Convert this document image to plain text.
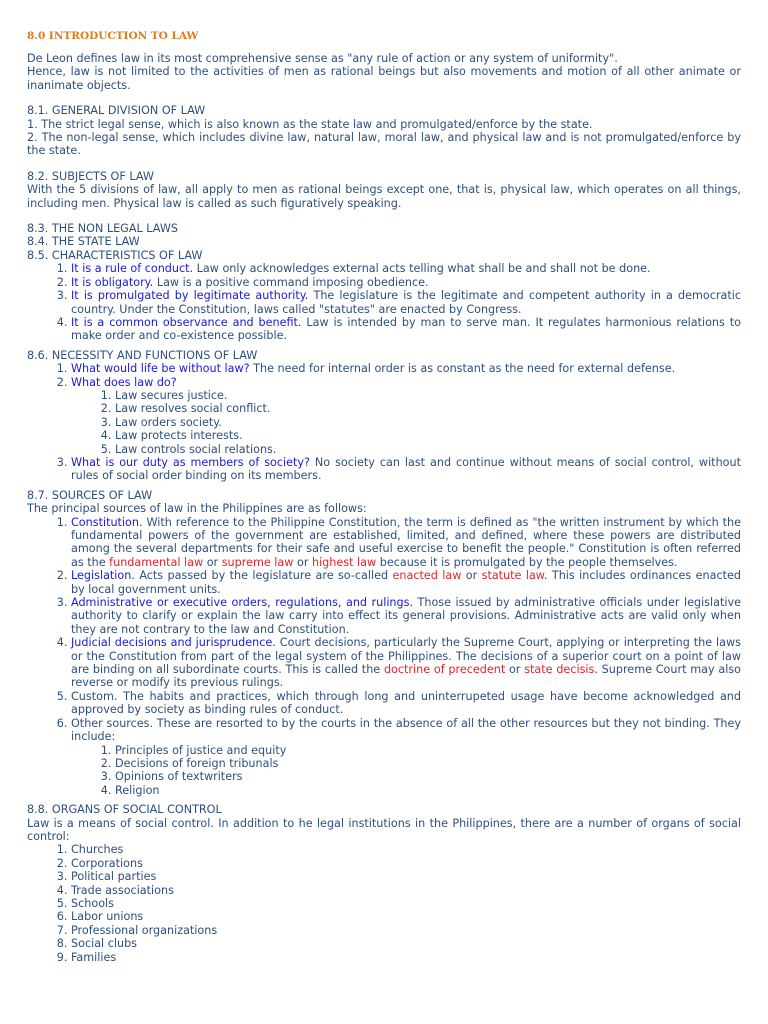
8.0 INTRODUCTION TO LAW

De Leon defines law in its most comprehensive sense as "any rule of action or any system of uniformity".

Hence, law is not limited to the activities of men as rational beings but also movements and motion of all other animate or inanimate objects.

8.1. GENERAL DIVISION OF LAW

1. The strict legal sense, which is also known as the state law and promulgated/enforce by the state.

2. The non-legal sense, which includes divine law, natural law, moral law, and physical law and is not promulgated/enforce by the state.

8.2. SUBJECTS OF LAW

With the 5 divisions of law, all apply to men as rational beings except one, that is, physical law, which operates on all things, including men. Physical law is called as such figuratively speaking.

8.3. THE NON LEGAL LAWS

8.4. THE STATE LAW

8.5. CHARACTERISTICS OF LAW

1. It is a rule of conduct. Law only acknowledges external acts telling what shall be and shall not be done.
2. It is obligatory. Law is a positive command imposing obedience.
3. It is promulgated by legitimate authority. The legislature is the legitimate and competent authority in a democratic country. Under the Constitution, laws called "statutes" are enacted by Congress.
4. It is a common observance and benefit. Law is intended by man to serve man. It regulates harmonious relations to make order and co-existence possible.

8.6. NECESSITY AND FUNCTIONS OF LAW

1. What would life be without law? The need for internal order is as constant as the need for external defense.
2. What does law do?
1. Law secures justice.
2. Law resolves social conflict.
3. Law orders society.
4. Law protects interests.
5. Law controls social relations.
3. What is our duty as members of society? No society can last and continue without means of social control, without rules of social order binding on its members.

8.7. SOURCES OF LAW

The principal sources of law in the Philippines are as follows:

1. Constitution. With reference to the Philippine Constitution, the term is defined as "the written instrument by which the fundamental powers of the government are established, limited, and defined, where these powers are distributed among the several departments for their safe and useful exercise to benefit the people." Constitution is often referred as the fundamental law or supreme law or highest law because it is promulgated by the people themselves.
2. Legislation. Acts passed by the legislature are so-called enacted law or statute law. This includes ordinances enacted by local government units.
3. Administrative or executive orders, regulations, and rulings. Those issued by administrative officials under legislative authority to clarify or explain the law carry into effect its general provisions. Administrative acts are valid only when they are not contrary to the law and Constitution.
4. Judicial decisions and jurisprudence. Court decisions, particularly the Supreme Court, applying or interpreting the laws or the Constitution from part of the legal system of the Philippines. The decisions of a superior court on a point of law are binding on all subordinate courts. This is called the doctrine of precedent or state decisis. Supreme Court may also reverse or modify its previous rulings.
5. Custom. The habits and practices, which through long and uninterrupeted usage have become acknowledged and approved by society as binding rules of conduct.
6. Other sources. These are resorted to by the courts in the absence of all the other resources but they not binding. They include:
1. Principles of justice and equity
2. Decisions of foreign tribunals
3. Opinions of textwriters
4. Religion

8.8. ORGANS OF SOCIAL CONTROL

Law is a means of social control. In addition to he legal institutions in the Philippines, there are a number of organs of social control:

1. Churches
2. Corporations
3. Political parties
4. Trade associations
5. Schools
6. Labor unions
7. Professional organizations
8. Social clubs
9. Families
